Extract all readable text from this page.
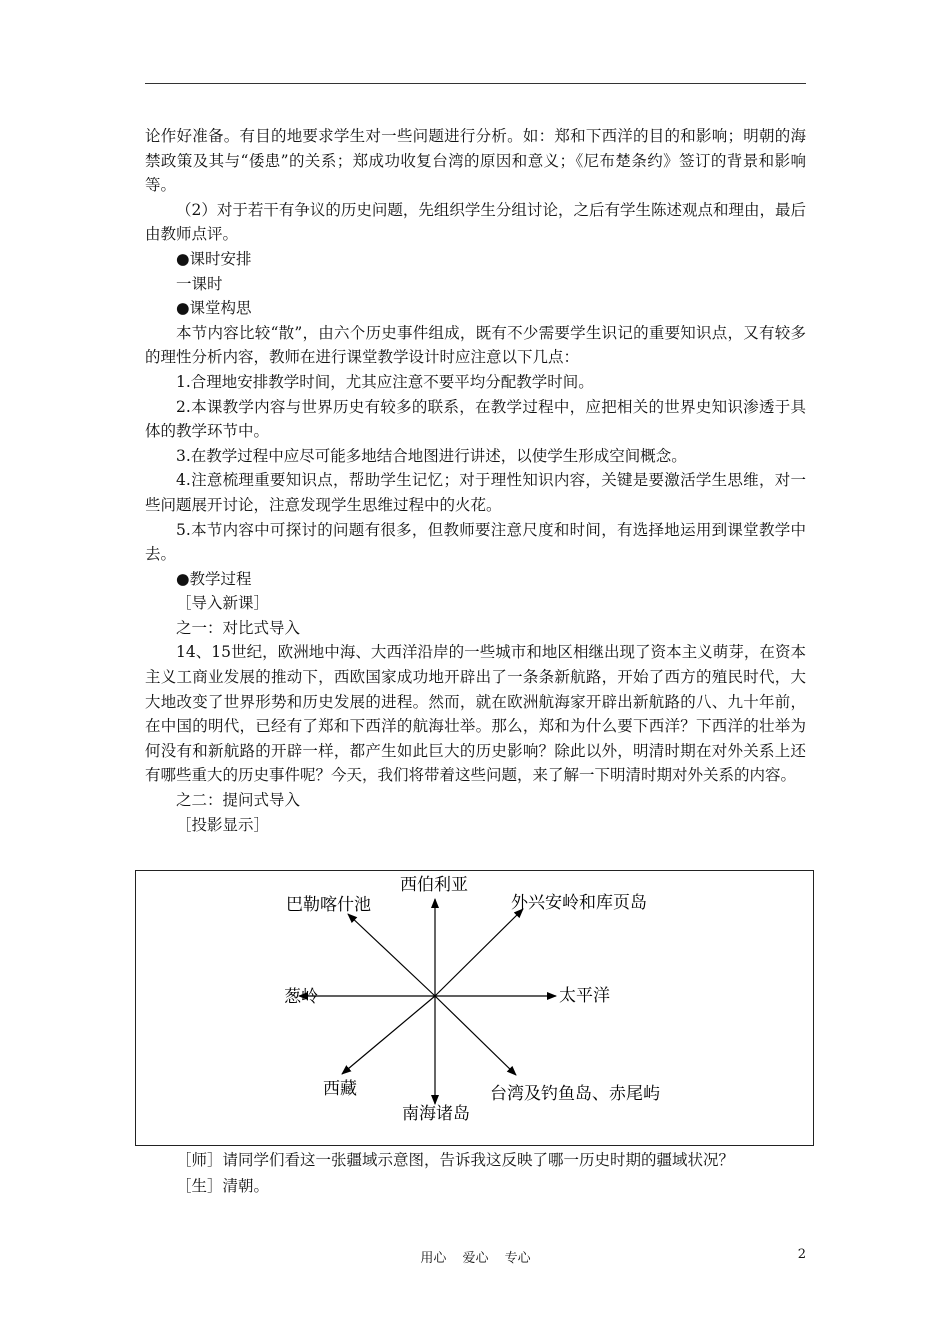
论作好准备。有目的地要求学生对一些问题进行分析。如：郑和下西洋的目的和影响；明朝的海禁政策及其与“倭患”的关系；郑成功收复台湾的原因和意义；《尼布楚条约》签订的背景和影响等。

（2）对于若干有争议的历史问题，先组织学生分组讨论，之后有学生陈述观点和理由，最后由教师点评。

●课时安排

一课时

●课堂构思

本节内容比较“散”，由六个历史事件组成，既有不少需要学生识记的重要知识点，又有较多的理性分析内容，教师在进行课堂教学设计时应注意以下几点：

1.合理地安排教学时间，尤其应注意不要平均分配教学时间。

2.本课教学内容与世界历史有较多的联系，在教学过程中，应把相关的世界史知识渗透于具体的教学环节中。

3.在教学过程中应尽可能多地结合地图进行讲述，以使学生形成空间概念。

4.注意梳理重要知识点，帮助学生记忆；对于理性知识内容，关键是要激活学生思维，对一些问题展开讨论，注意发现学生思维过程中的火花。

5.本节内容中可探讨的问题有很多，但教师要注意尺度和时间，有选择地运用到课堂教学中去。

●教学过程

［导入新课］

之一：对比式导入

14、15世纪，欧洲地中海、大西洋沿岸的一些城市和地区相继出现了资本主义萌芽，在资本主义工商业发展的推动下，西欧国家成功地开辟出了一条条新航路，开始了西方的殖民时代，大大地改变了世界形势和历史发展的进程。然而，就在欧洲航海家开辟出新航路的八、九十年前，在中国的明代，已经有了郑和下西洋的航海壮举。那么，郑和为什么要下西洋？下西洋的壮举为何没有和新航路的开辟一样，都产生如此巨大的历史影响？除此以外，明清时期在对外关系上还有哪些重大的历史事件呢？今天，我们将带着这些问题，来了解一下明清时期对外关系的内容。

之二：提问式导入

［投影显示］

西伯利亚
巴勒喀什池	外兴安岭和库页岛
葱岭	太平洋
西藏
南海诸岛
台湾及钓鱼岛、赤尾屿

［师］请同学们看这一张疆域示意图，告诉我这反映了哪一历史时期的疆域状况？

［生］清朝。

用心 爱心 专心	2
